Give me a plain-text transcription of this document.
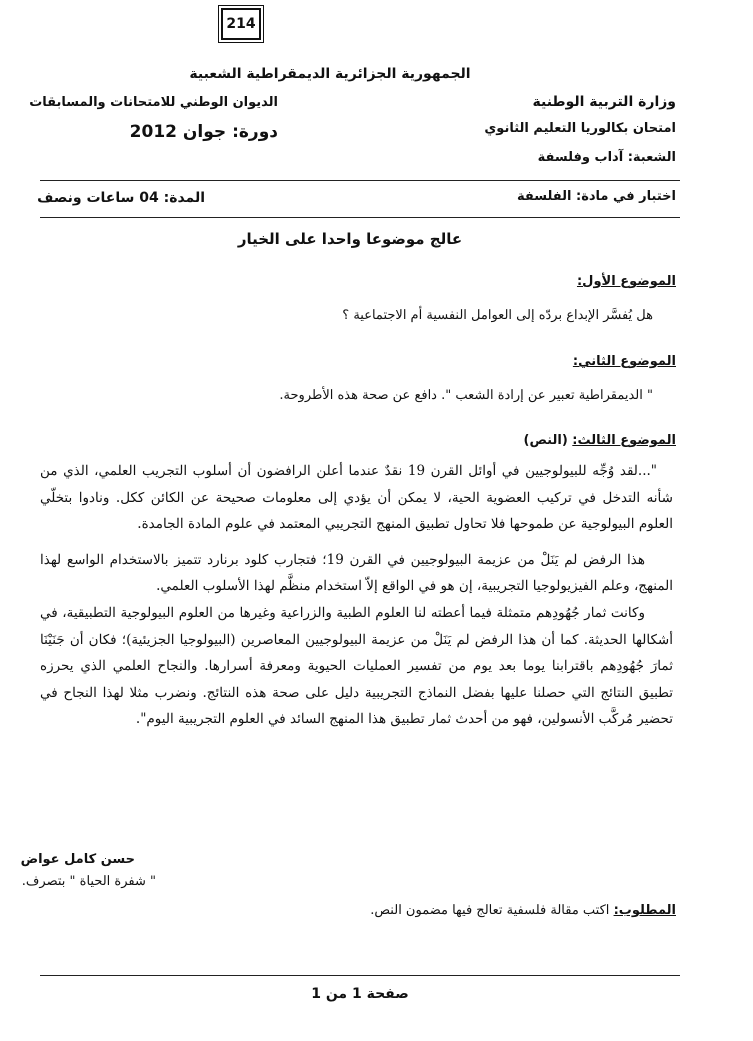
214
الجمهورية الجزائرية الديمقراطية الشعبية
وزارة التربية الوطنية
الديوان الوطني للامتحانات والمسابقات
امتحان بكالوريا التعليم الثانوي
دورة: جوان 2012
الشعبة: آداب وفلسفة
اختبار في مادة: الفلسفة
المدة: 04 ساعات ونصف
عالج موضوعا واحدا على الخيار
الموضوع الأول:
هل يُفسَّر الإبداع بردّه إلى العوامل النفسية أم الاجتماعية ؟
الموضوع الثاني:
" الديمقراطية تعبير عن إرادة الشعب ". دافع عن صحة هذه الأطروحة.
الموضوع الثالث: (النص)

"...لقد وُجِّه للبيولوجيين في أوائل القرن 19 نقدٌ عندما أعلن الرافضون أن أسلوب التجريب العلمي، الذي من شأنه التدخل في تركيب العضوية الحية، لا يمكن أن يؤدي إلى معلومات صحيحة عن الكائن ككل. ونادوا بتخلّي العلوم البيولوجية عن طموحها فلا تحاول تطبيق المنهج التجريبي المعتمد في علوم المادة الجامدة.

هذا الرفض لم يَنَلْ من عزيمة البيولوجيين في القرن 19؛ فتجارب كلود برنارد تتميز بالاستخدام الواسع لهذا المنهج، وعلم الفيزيولوجيا التجريبية، إن هو في الواقع إلاّ استخدام منظَّم لهذا الأسلوب العلمي.

وكانت ثمار جُهُودِهم متمثلة فيما أعطته لنا العلوم الطبية والزراعية وغيرها من العلوم البيولوجية التطبيقية، في أشكالها الحديثة. كما أن هذا الرفض لم يَنَلْ من عزيمة البيولوجيين المعاصرين (البيولوجيا الجزيئية)؛ فكان أن جَنَيْنَا ثمارَ جُهُودِهم باقترابنا يوما بعد يوم من تفسير العمليات الحيوية ومعرفة أسرارها. والنجاح العلمي الذي يحرزه تطبيق النتائج التي حصلنا عليها بفضل النماذج التجريبية دليل على صحة هذه النتائج. ونضرب مثلا لهذا النجاح في تحضير مُركَّب الأنسولين، فهو من أحدث ثمار تطبيق هذا المنهج السائد في العلوم التجريبية اليوم".

حسن كامل عواض
" شفرة الحياة " بتصرف.
المطلوب: اكتب مقالة فلسفية تعالج فيها مضمون النص.
صفحة 1 من 1
